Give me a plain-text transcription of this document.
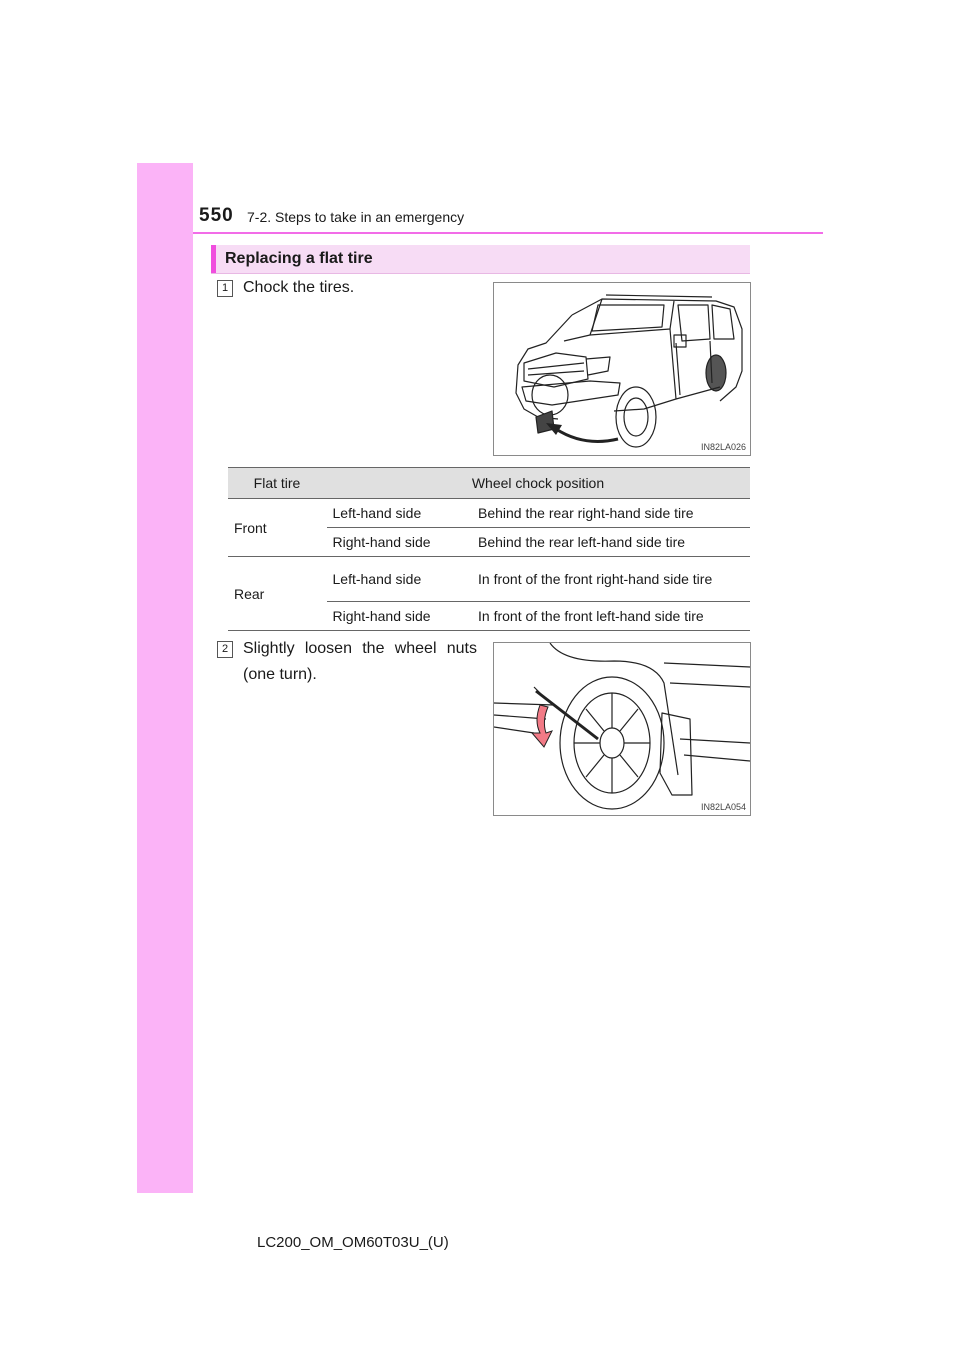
550 7-2. Steps to take in an emergency
Replacing a flat tire
1 Chock the tires.
IN82LA026
Flat tire	Wheel chock position	
Front	Left-hand side	Behind the rear right-hand side tire
	Right-hand side	Behind the rear left-hand side tire
Rear	Left-hand side	In front of the front right-hand side tire
	Right-hand side	In front of the front left-hand side tire
2 Slightly loosen the wheel nuts (one turn).
IN82LA054
LC200_OM_OM60T03U_(U)
